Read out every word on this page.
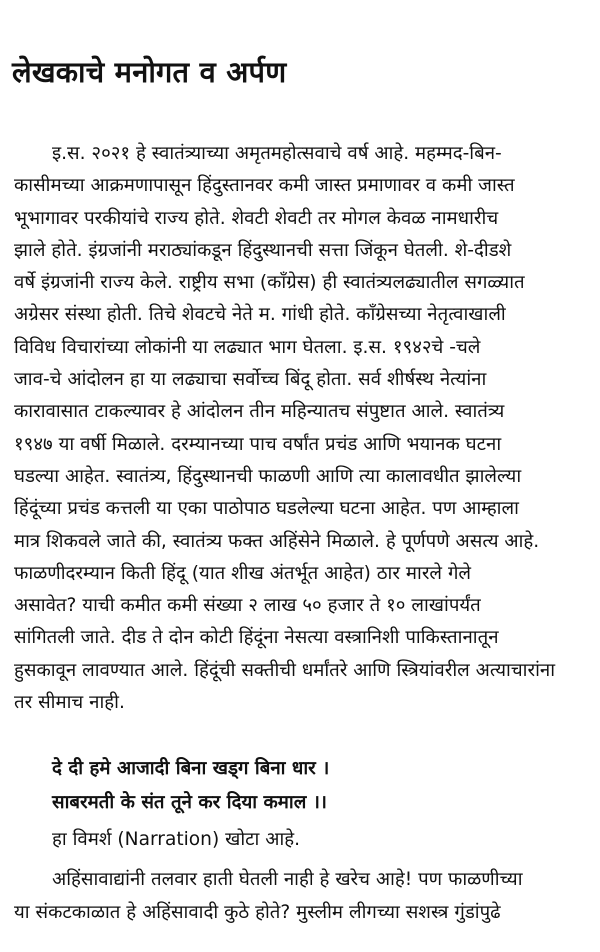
लेखकाचे मनोगत व अर्पण
इ.स. २०२१ हे स्वातंत्र्याच्या अमृतमहोत्सवाचे वर्ष आहे. महम्मद-बिन-
कासीमच्या आक्रमणापासून हिंदुस्तानवर कमी जास्त प्रमाणावर व कमी जास्त
भूभागावर परकीयांचे राज्य होते. शेवटी शेवटी तर मोगल केवळ नामधारीच
झाले होते. इंग्रजांनी मराठ्यांकडून हिंदुस्थानची सत्ता जिंकून घेतली. शे-दीडशे
वर्षे इंग्रजांनी राज्य केले. राष्ट्रीय सभा (काँग्रेस) ही स्वातंत्र्यलढ्यातील सगळ्यात
अग्रेसर संस्था होती. तिचे शेवटचे नेते म. गांधी होते. काँग्रेसच्या नेतृत्वाखाली
विविध विचारांच्या लोकांनी या लढ्यात भाग घेतला. इ.स. १९४२चे -चले
जाव-चे आंदोलन हा या लढ्याचा सर्वोच्च बिंदू होता. सर्व शीर्षस्थ नेत्यांना
कारावासात टाकल्यावर हे आंदोलन तीन महिन्यातच संपुष्टात आले. स्वातंत्र्य
१९४७ या वर्षी मिळाले. दरम्यानच्या पाच वर्षांत प्रचंड आणि भयानक घटना
घडल्या आहेत. स्वातंत्र्य, हिंदुस्थानची फाळणी आणि त्या कालावधीत झालेल्या
हिंदूंच्या प्रचंड कत्तली या एका पाठोपाठ घडलेल्या घटना आहेत. पण आम्हाला
मात्र शिकवले जाते की, स्वातंत्र्य फक्त अहिंसेने मिळाले. हे पूर्णपणे असत्य आहे.
फाळणीदरम्यान किती हिंदू (यात शीख अंतर्भूत आहेत) ठार मारले गेले
असावेत? याची कमीत कमी संख्या २ लाख ५० हजार ते १० लाखांपर्यंत
सांगितली जाते. दीड ते दोन कोटी हिंदूंना नेसत्या वस्त्रानिशी पाकिस्तानातून
हुसकावून लावण्यात आले. हिंदूंची सक्तीची धर्मांतरे आणि स्त्रियांवरील अत्याचारांना
तर सीमाच नाही.
दे दी हमे आजादी बिना खड्ग बिना धार ।
साबरमती के संत तूने कर दिया कमाल ।।
हा विमर्श (Narration) खोटा आहे.
अहिंसावाद्यांनी तलवार हाती घेतली नाही हे खरेच आहे! पण फाळणीच्या
या संकटकाळात हे अहिंसावादी कुठे होते? मुस्लीम लीगच्या सशस्त्र गुंडांपुढे
